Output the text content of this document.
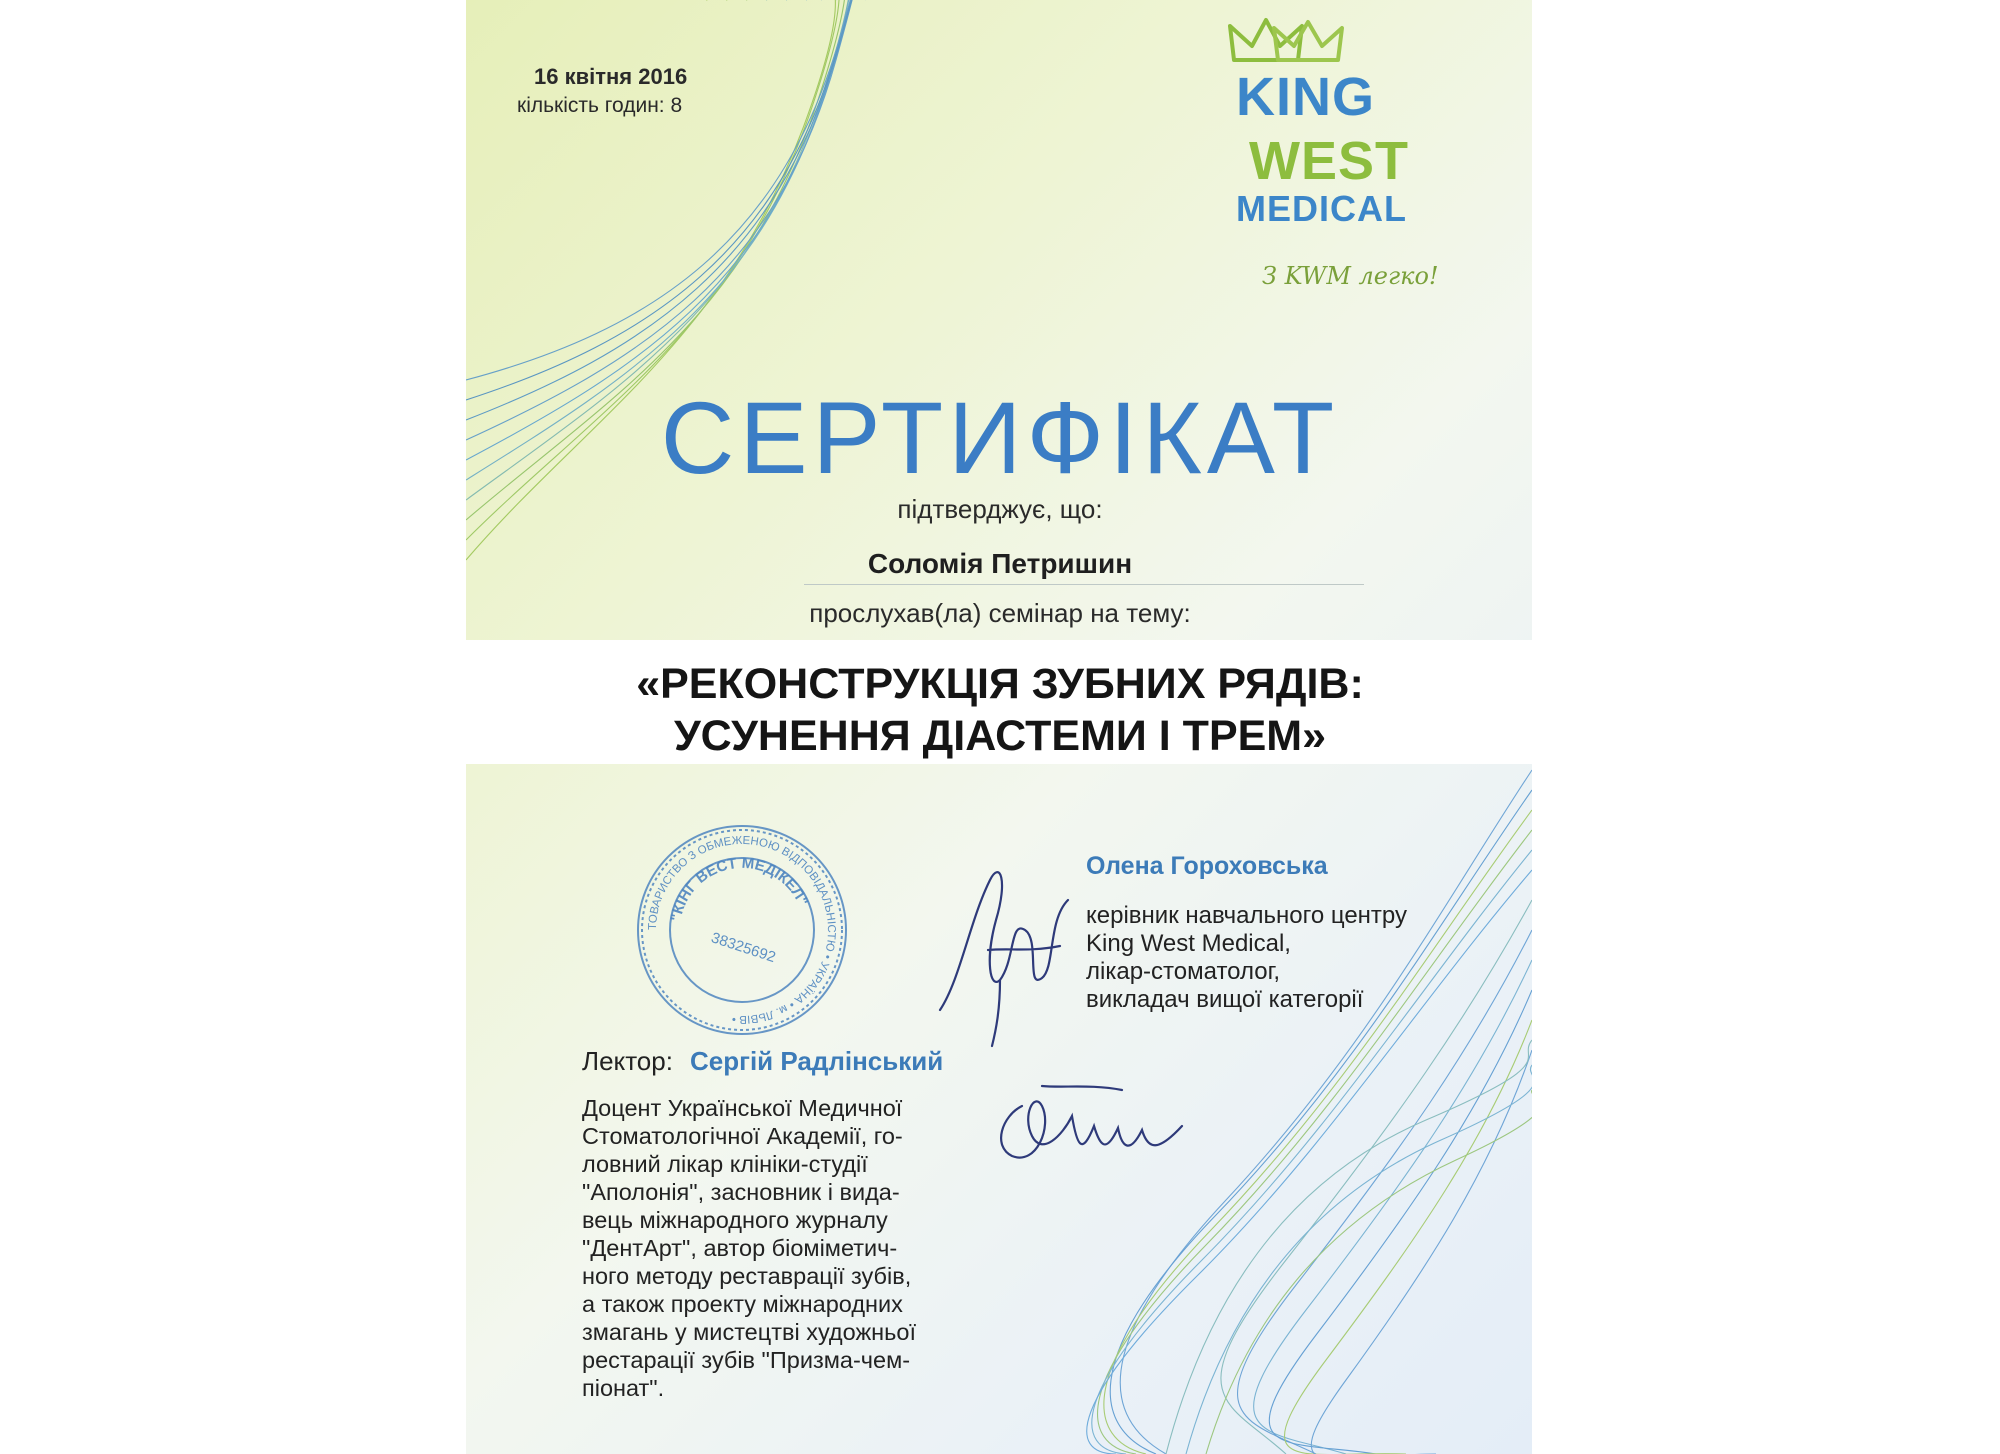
16 квітня 2016
кількість годин: 8	KING
WEST
MEDICAL
З KWM легко!
СЕРТИФІКАТ
підтверджує, що:
Соломія Петришин
прослухав(ла) семінар на тему:
«РЕКОНСТРУКЦІЯ ЗУБНИХ РЯДІВ:
УСУНЕННЯ ДІАСТЕМИ І ТРЕМ»
ТОВАРИСТВО З ОБМЕЖЕНОЮ ВІДПОВІДАЛЬНІСТЮ • УКРАЇНА • м. ЛЬВІВ •
"КІНГ ВЕСТ МЕДІКЕЛ"
38325692
Олена Гороховська
керівник навчального центру
King West Medical,
лікар-стоматолог,
викладач вищої категорії
Лектор: Сергій Радлінський
Доцент Української Медичної
Стоматологічної Академії, го-
ловний лікар клініки-студії
"Аполонія", засновник і вида-
вець міжнародного журналу
"ДентАрт", автор біоміметич-
ного методу реставрації зубів,
а також проекту міжнародних
змагань у мистецтві художньої
рестарації зубів "Призма-чем-
піонат".
